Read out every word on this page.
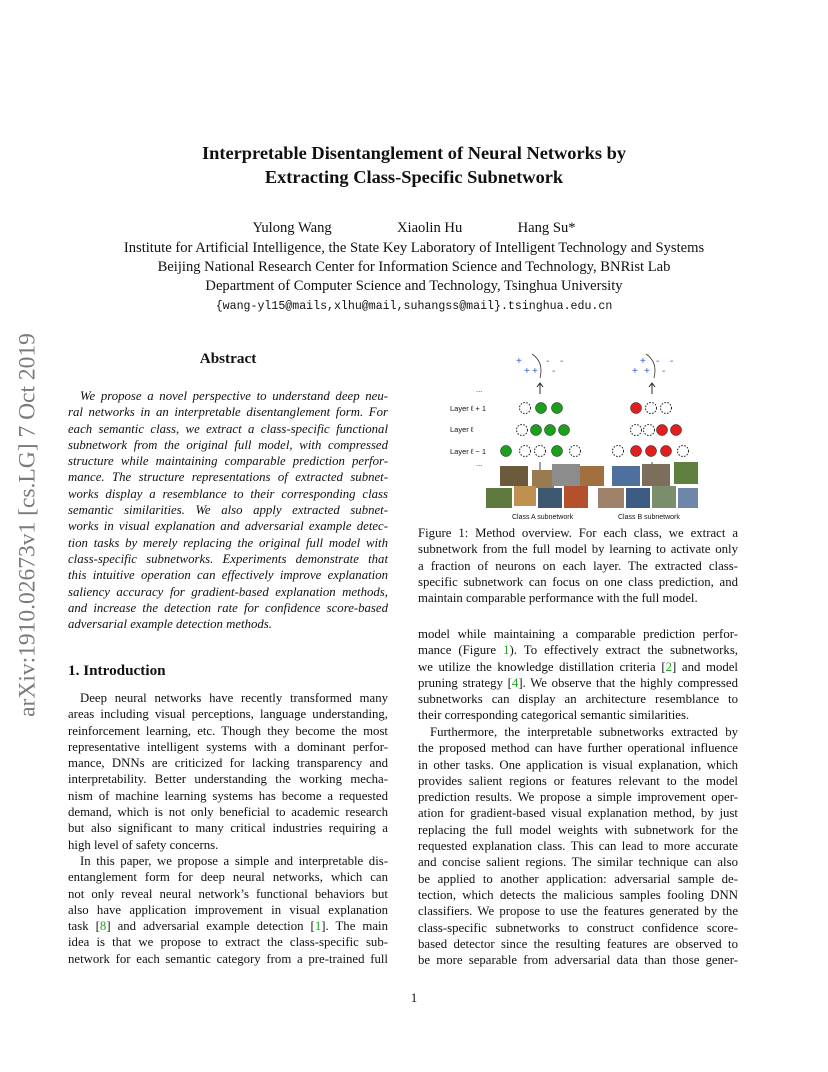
arXiv:1910.02673v1 [cs.LG] 7 Oct 2019
Interpretable Disentanglement of Neural Networks by
Extracting Class-Specific Subnetwork
Yulong Wang	Xiaolin Hu	Hang Su*
Institute for Artificial Intelligence, the State Key Laboratory of Intelligent Technology and Systems
Beijing National Research Center for Information Science and Technology, BNRist Lab
Department of Computer Science and Technology, Tsinghua University
{wang-yl15@mails,xlhu@mail,suhangss@mail}.tsinghua.edu.cn
Abstract
We propose a novel perspective to understand deep neu-
ral networks in an interpretable disentanglement form. For
each semantic class, we extract a class-specific functional
subnetwork from the original full model, with compressed
structure while maintaining comparable prediction perfor-
mance. The structure representations of extracted subnet-
works display a resemblance to their corresponding class
semantic similarities. We also apply extracted subnet-
works in visual explanation and adversarial example detec-
tion tasks by merely replacing the original full model with
class-specific subnetworks. Experiments demonstrate that
this intuitive operation can effectively improve explanation
saliency accuracy for gradient-based explanation methods,
and increase the detection rate for confidence score-based
adversarial example detection methods.
1. Introduction
Deep neural networks have recently transformed many
areas including visual perceptions, language understanding,
reinforcement learning, etc. Though they become the most
representative intelligent systems with a dominant perfor-
mance, DNNs are criticized for lacking transparency and
interpretability. Better understanding the working mecha-
nism of machine learning systems has become a requested
demand, which is not only beneficial to academic research
but also significant to many critical industries requiring a
high level of safety concerns.
In this paper, we propose a simple and interpretable dis-
entanglement form for deep neural networks, which can
not only reveal neural network’s functional behaviors but
also have application improvement in visual explanation
task [8] and adversarial example detection [1]. The main
idea is that we propose to extract the class-specific sub-
network for each semantic category from a pre-trained full
+
+ +
- -
-
+
+ +
- -
-
...
Layer ℓ + 1
Layer ℓ
Layer ℓ − 1
...
Class A subnetwork	Class B subnetwork
Figure 1: Method overview. For each class, we extract a
subnetwork from the full model by learning to activate only
a fraction of neurons on each layer. The extracted class-
specific subnetwork can focus on one class prediction, and
maintain comparable performance with the full model.
model while maintaining a comparable prediction perfor-
mance (Figure 1). To effectively extract the subnetworks,
we utilize the knowledge distillation criteria [2] and model
pruning strategy [4]. We observe that the highly compressed
subnetworks can display an architecture resemblance to
their corresponding categorical semantic similarities.
Furthermore, the interpretable subnetworks extracted by
the proposed method can have further operational influence
in other tasks. One application is visual explanation, which
provides salient regions or features relevant to the model
prediction results. We propose a simple improvement oper-
ation for gradient-based visual explanation method, by just
replacing the full model weights with subnetwork for the
requested explanation class. This can lead to more accurate
and concise salient regions. The similar technique can also
be applied to another application: adversarial sample de-
tection, which detects the malicious samples fooling DNN
classifiers. We propose to use the features generated by the
class-specific subnetworks to construct confidence score-
based detector since the resulting features are observed to
be more separable from adversarial data than those gener-
1
